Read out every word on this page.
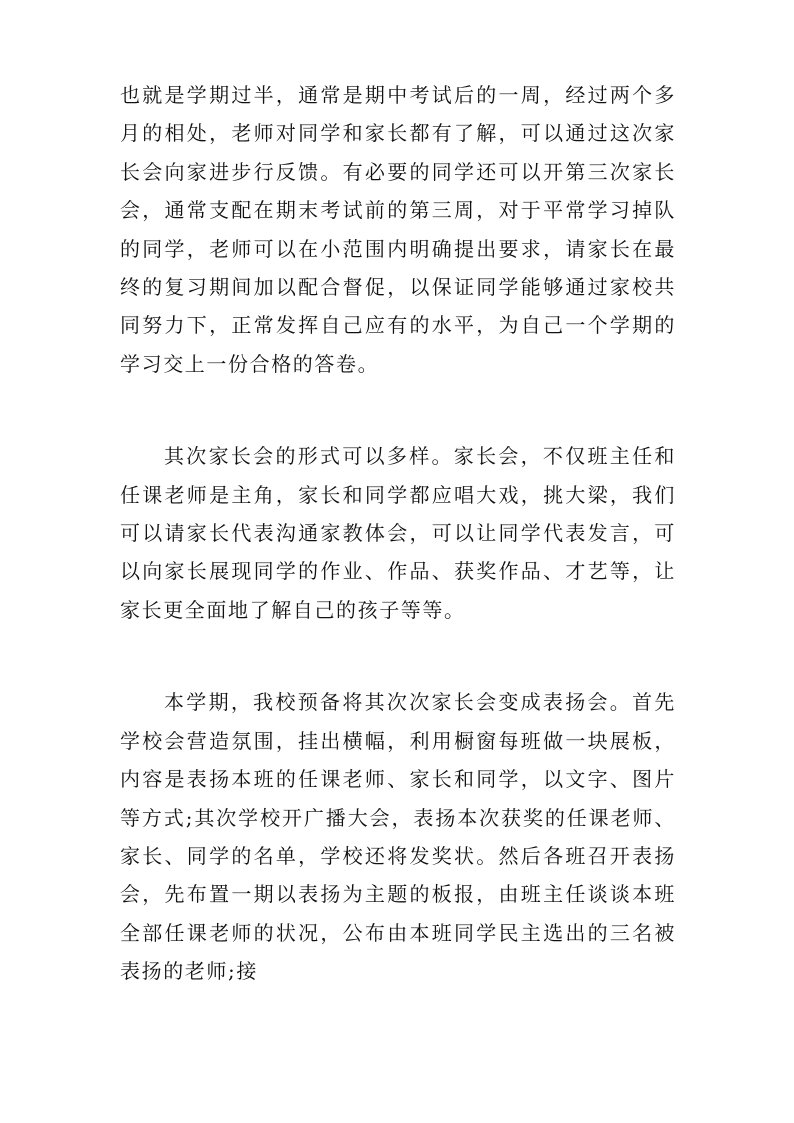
也就是学期过半，通常是期中考试后的一周，经过两个多月的相处，老师对同学和家长都有了解，可以通过这次家长会向家进步行反馈。有必要的同学还可以开第三次家长会，通常支配在期末考试前的第三周，对于平常学习掉队的同学，老师可以在小范围内明确提出要求，请家长在最终的复习期间加以配合督促，以保证同学能够通过家校共同努力下，正常发挥自己应有的水平，为自己一个学期的学习交上一份合格的答卷。

其次家长会的形式可以多样。家长会，不仅班主任和任课老师是主角，家长和同学都应唱大戏，挑大梁，我们可以请家长代表沟通家教体会，可以让同学代表发言，可以向家长展现同学的作业、作品、获奖作品、才艺等，让家长更全面地了解自己的孩子等等。

本学期，我校预备将其次次家长会变成表扬会。首先学校会营造氛围，挂出横幅，利用橱窗每班做一块展板，内容是表扬本班的任课老师、家长和同学，以文字、图片等方式;其次学校开广播大会，表扬本次获奖的任课老师、家长、同学的名单，学校还将发奖状。然后各班召开表扬会，先布置一期以表扬为主题的板报，由班主任谈谈本班全部任课老师的状况，公布由本班同学民主选出的三名被表扬的老师;接
